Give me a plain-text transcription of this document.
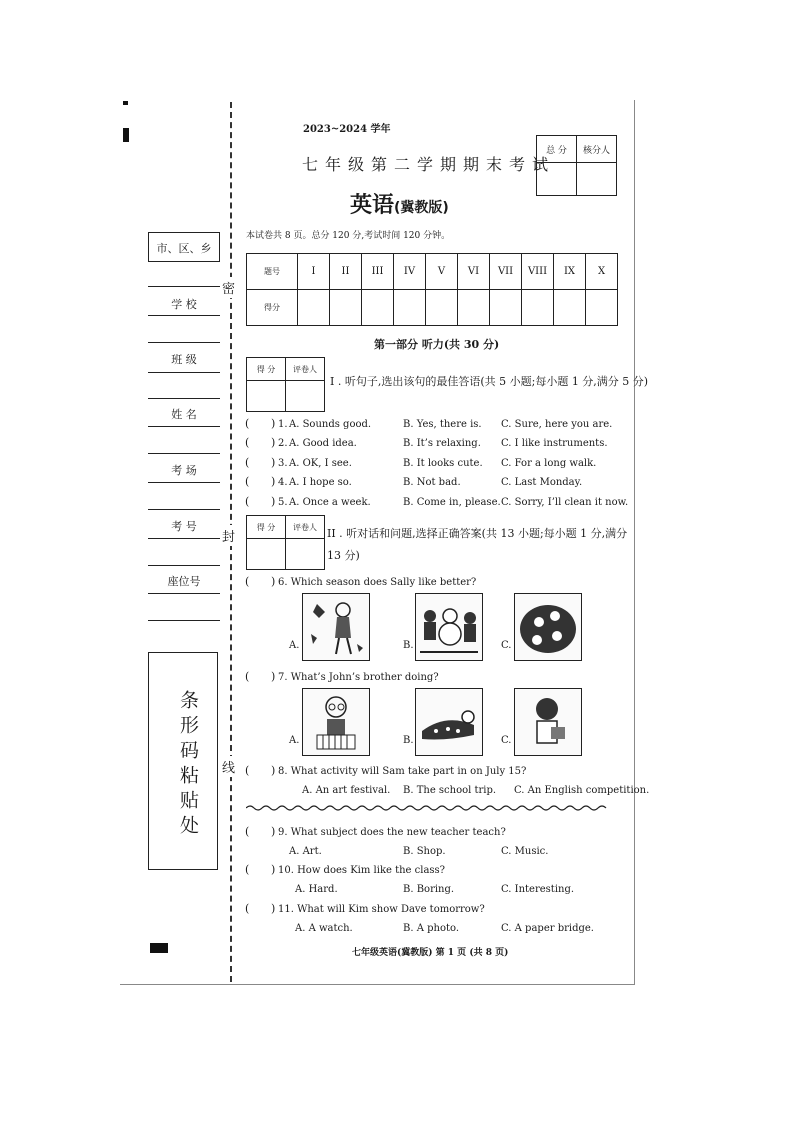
密
封
线
市、区、乡
学 校
班 级
姓 名
考 场
考 号
座位号
条形码粘贴处
2023~2024 学年
七年级第二学期期末考试
英语(冀教版)
总 分	核分人

本试卷共 8 页。总分 120 分,考试时间 120 分钟。
题号	I	II	III	IV	V	VI	VII	VIII	IX	X
得分										
第一部分 听力(共 30 分)
得 分	评卷人

I . 听句子,选出该句的最佳答语(共 5 小题;每小题 1 分,满分 5 分)
( ) 1. A. Sounds good.	B. Yes, there is. C. Sure, here you are.
( ) 2. A. Good idea.	B. It’s relaxing. C. I like instruments.
( ) 3. A. OK, I see.	B. It looks cute. C. For a long walk.
( ) 4. A. I hope so.	B. Not bad.	C. Last Monday.
( ) 5. A. Once a week.	B. Come in, please. C. Sorry, I’ll clean it now.
得 分	评卷人
	II . 听对话和问题,选择正确答案(共 13 小题;每小题 1 分,满分
13 分)
( ) 6. Which season does Sally like better?
A.	B.	C.
( ) 7. What’s John’s brother doing?
A.	B.	C.
( ) 8. What activity will Sam take part in on July 15?
A. An art festival. B. The school trip. C. An English competition.
( ) 9. What subject does the new teacher teach?
A. Art.	B. Shop.	C. Music.
( ) 10. How does Kim like the class?
A. Hard.	B. Boring.	C. Interesting.
( ) 11. What will Kim show Dave tomorrow?
A. A watch.	B. A photo.	C. A paper bridge.
七年级英语(冀教版) 第 1 页 (共 8 页)
